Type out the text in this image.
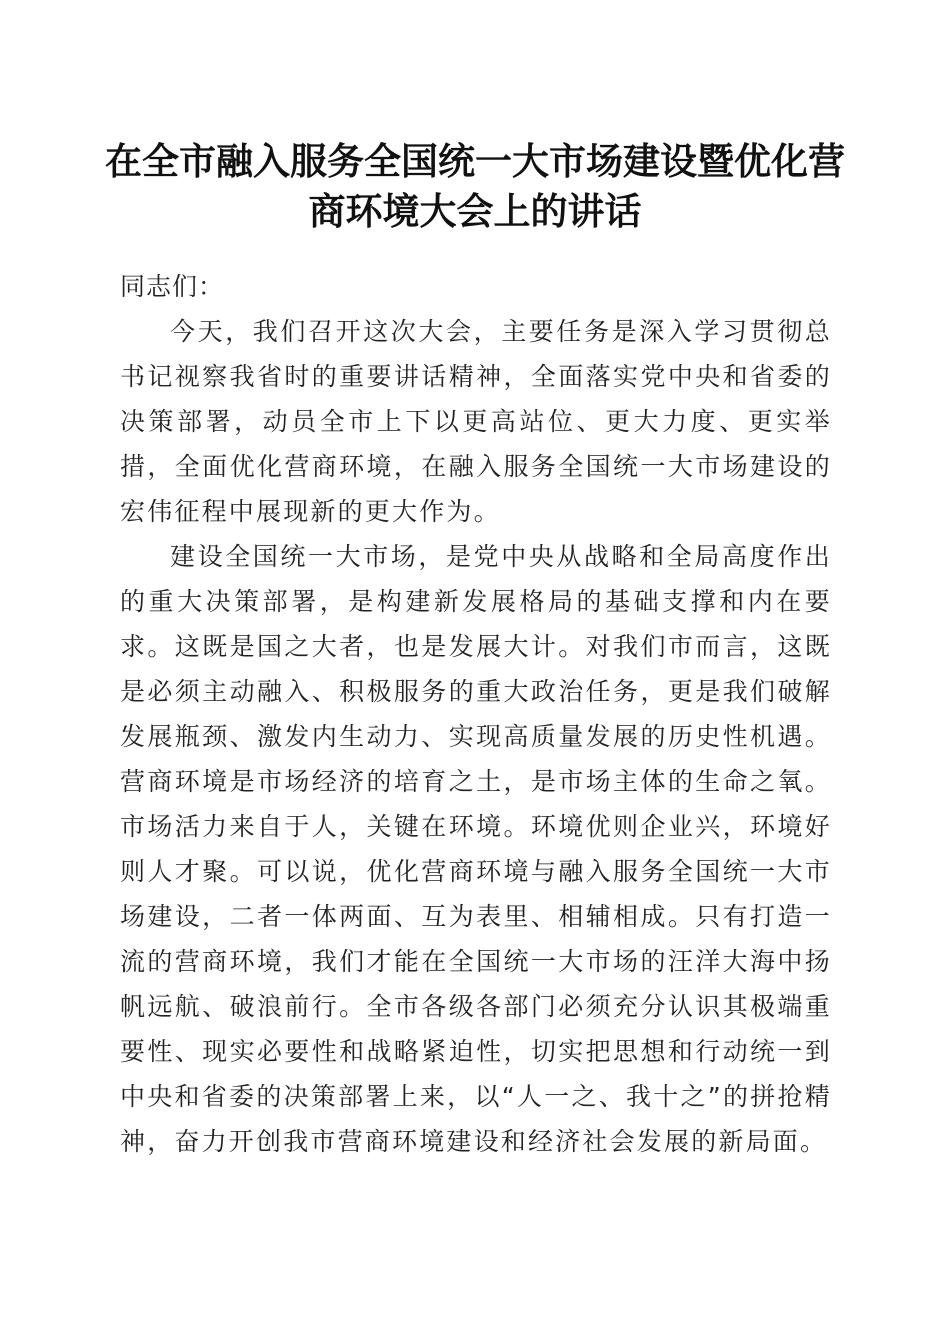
在全市融入服务全国统一大市场建设暨优化营
商环境大会上的讲话
同志们：

今天，我们召开这次大会，主要任务是深入学习贯彻总书记视察我省时的重要讲话精神，全面落实党中央和省委的决策部署，动员全市上下以更高站位、更大力度、更实举措，全面优化营商环境，在融入服务全国统一大市场建设的宏伟征程中展现新的更大作为。

建设全国统一大市场，是党中央从战略和全局高度作出的重大决策部署，是构建新发展格局的基础支撑和内在要求。这既是国之大者，也是发展大计。对我们市而言，这既是必须主动融入、积极服务的重大政治任务，更是我们破解发展瓶颈、激发内生动力、实现高质量发展的历史性机遇。营商环境是市场经济的培育之土，是市场主体的生命之氧。市场活力来自于人，关键在环境。环境优则企业兴，环境好则人才聚。可以说，优化营商环境与融入服务全国统一大市场建设，二者一体两面、互为表里、相辅相成。只有打造一流的营商环境，我们才能在全国统一大市场的汪洋大海中扬帆远航、破浪前行。全市各级各部门必须充分认识其极端重要性、现实必要性和战略紧迫性，切实把思想和行动统一到中央和省委的决策部署上来，以“人一之、我十之”的拼抢精神，奋力开创我市营商环境建设和经济社会发展的新局面。
